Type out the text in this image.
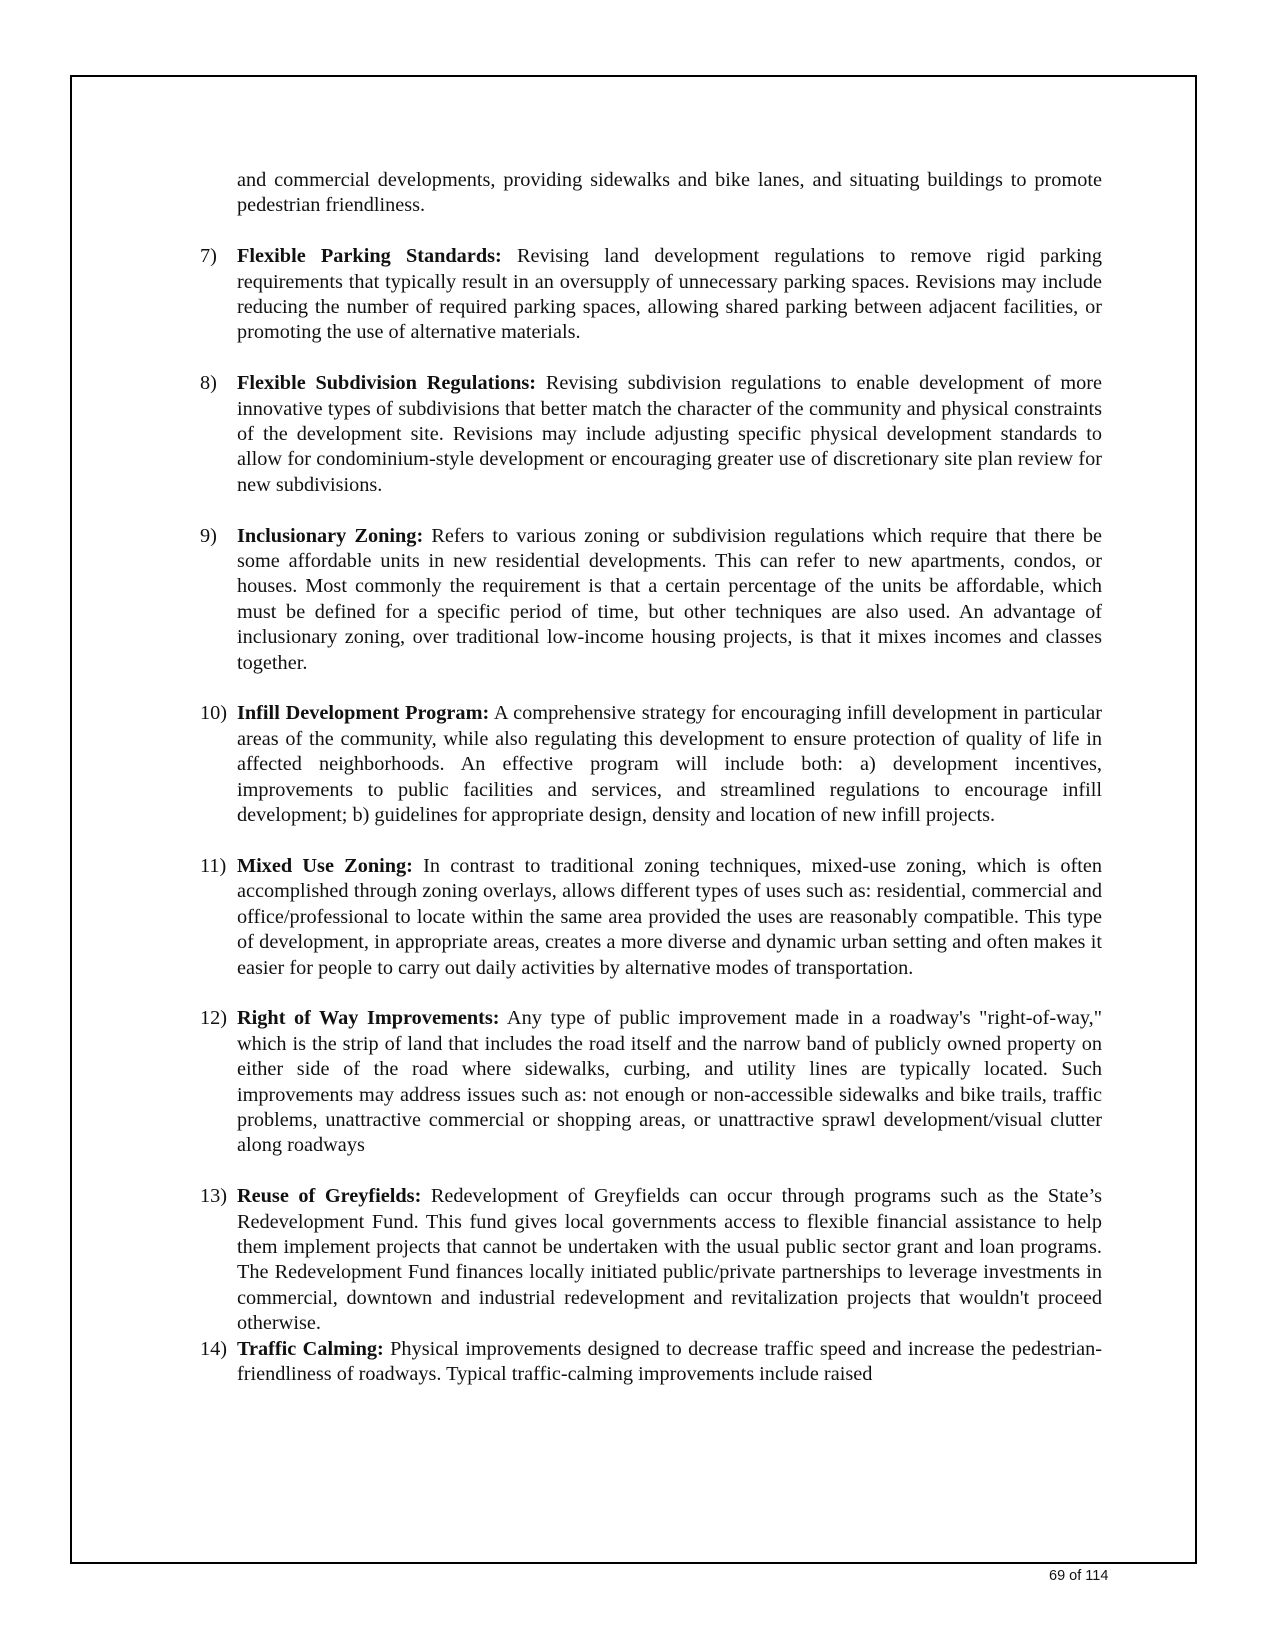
and commercial developments, providing sidewalks and bike lanes, and situating buildings to promote pedestrian friendliness.

7) Flexible Parking Standards: Revising land development regulations to remove rigid parking requirements that typically result in an oversupply of unnecessary parking spaces. Revisions may include reducing the number of required parking spaces, allowing shared parking between adjacent facilities, or promoting the use of alternative materials.
8) Flexible Subdivision Regulations: Revising subdivision regulations to enable development of more innovative types of subdivisions that better match the character of the community and physical constraints of the development site. Revisions may include adjusting specific physical development standards to allow for condominium-style development or encouraging greater use of discretionary site plan review for new subdivisions.
9) Inclusionary Zoning: Refers to various zoning or subdivision regulations which require that there be some affordable units in new residential developments. This can refer to new apartments, condos, or houses. Most commonly the requirement is that a certain percentage of the units be affordable, which must be defined for a specific period of time, but other techniques are also used. An advantage of inclusionary zoning, over traditional low-income housing projects, is that it mixes incomes and classes together.
10) Infill Development Program: A comprehensive strategy for encouraging infill development in particular areas of the community, while also regulating this development to ensure protection of quality of life in affected neighborhoods. An effective program will include both: a) development incentives, improvements to public facilities and services, and streamlined regulations to encourage infill development; b) guidelines for appropriate design, density and location of new infill projects.
11) Mixed Use Zoning: In contrast to traditional zoning techniques, mixed-use zoning, which is often accomplished through zoning overlays, allows different types of uses such as: residential, commercial and office/professional to locate within the same area provided the uses are reasonably compatible. This type of development, in appropriate areas, creates a more diverse and dynamic urban setting and often makes it easier for people to carry out daily activities by alternative modes of transportation.
12) Right of Way Improvements: Any type of public improvement made in a roadway's "right-of-way," which is the strip of land that includes the road itself and the narrow band of publicly owned property on either side of the road where sidewalks, curbing, and utility lines are typically located. Such improvements may address issues such as: not enough or non-accessible sidewalks and bike trails, traffic problems, unattractive commercial or shopping areas, or unattractive sprawl development/visual clutter along roadways
13) Reuse of Greyfields: Redevelopment of Greyfields can occur through programs such as the State’s Redevelopment Fund. This fund gives local governments access to flexible financial assistance to help them implement projects that cannot be undertaken with the usual public sector grant and loan programs. The Redevelopment Fund finances locally initiated public/private partnerships to leverage investments in commercial, downtown and industrial redevelopment and revitalization projects that wouldn't proceed otherwise.
14) Traffic Calming: Physical improvements designed to decrease traffic speed and increase the pedestrian-friendliness of roadways. Typical traffic-calming improvements include raised
69 of 114
